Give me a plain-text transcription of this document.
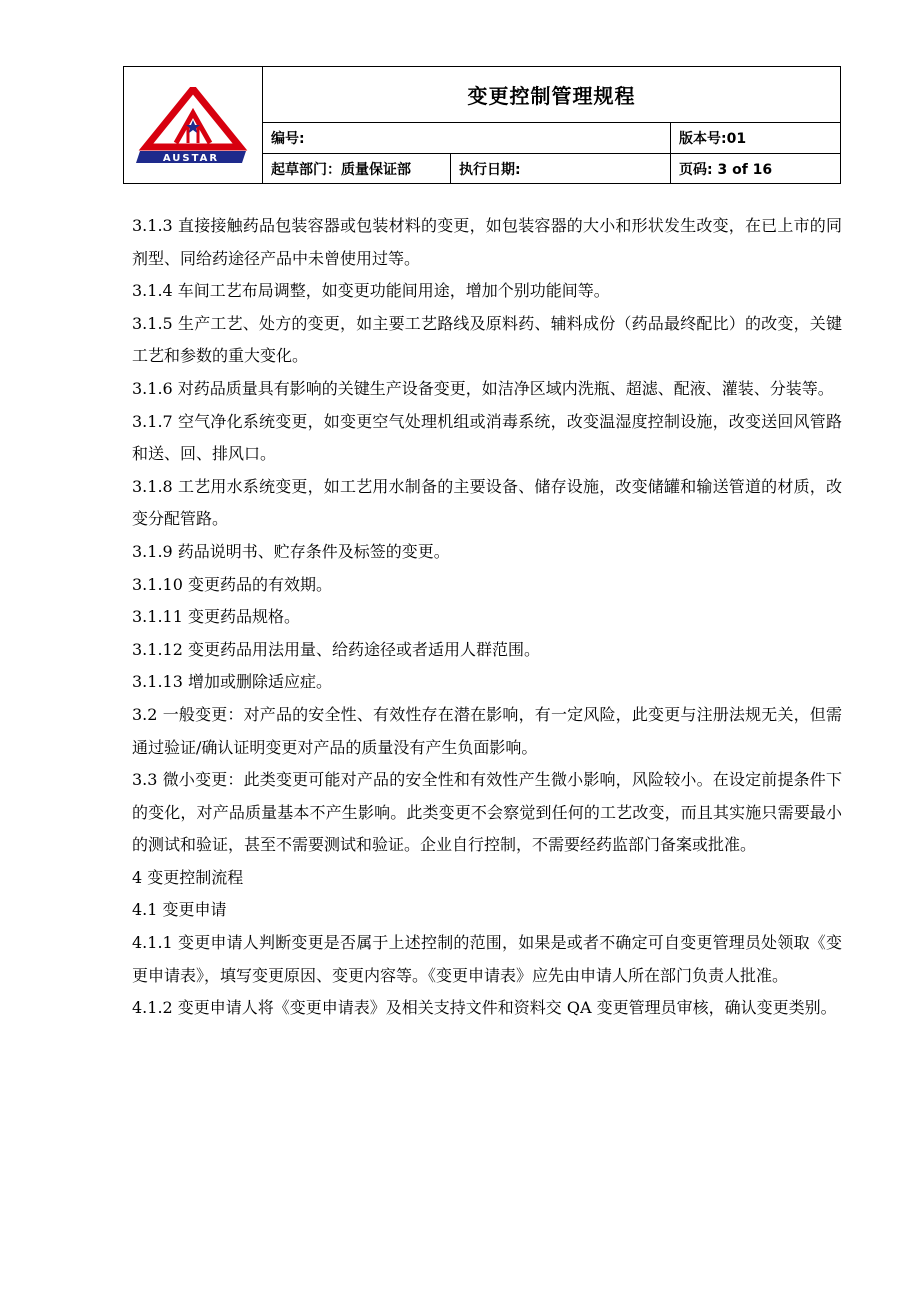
AUSTAR
变更控制管理规程
编号:	版本号:01
起草部门：质量保证部	执行日期:	页码: 3 of 16

3.1.3 直接接触药品包装容器或包装材料的变更，如包装容器的大小和形状发生改变，在已上市的同剂型、同给药途径产品中未曾使用过等。

3.1.4 车间工艺布局调整，如变更功能间用途，增加个别功能间等。

3.1.5 生产工艺、处方的变更，如主要工艺路线及原料药、辅料成份（药品最终配比）的改变，关键工艺和参数的重大变化。

3.1.6 对药品质量具有影响的关键生产设备变更，如洁净区域内洗瓶、超滤、配液、灌装、分装等。

3.1.7 空气净化系统变更，如变更空气处理机组或消毒系统，改变温湿度控制设施，改变送回风管路和送、回、排风口。

3.1.8 工艺用水系统变更，如工艺用水制备的主要设备、储存设施，改变储罐和输送管道的材质，改变分配管路。

3.1.9 药品说明书、贮存条件及标签的变更。

3.1.10 变更药品的有效期。

3.1.11 变更药品规格。

3.1.12 变更药品用法用量、给药途径或者适用人群范围。

3.1.13 增加或删除适应症。

3.2 一般变更：对产品的安全性、有效性存在潜在影响，有一定风险，此变更与注册法规无关，但需通过验证/确认证明变更对产品的质量没有产生负面影响。

3.3 微小变更：此类变更可能对产品的安全性和有效性产生微小影响，风险较小。在设定前提条件下的变化，对产品质量基本不产生影响。此类变更不会察觉到任何的工艺改变，而且其实施只需要最小的测试和验证，甚至不需要测试和验证。企业自行控制，不需要经药监部门备案或批准。

4 变更控制流程

4.1 变更申请

4.1.1 变更申请人判断变更是否属于上述控制的范围，如果是或者不确定可自变更管理员处领取《变更申请表》，填写变更原因、变更内容等。《变更申请表》应先由申请人所在部门负责人批准。

4.1.2 变更申请人将《变更申请表》及相关支持文件和资料交 QA 变更管理员审核，确认变更类别。
